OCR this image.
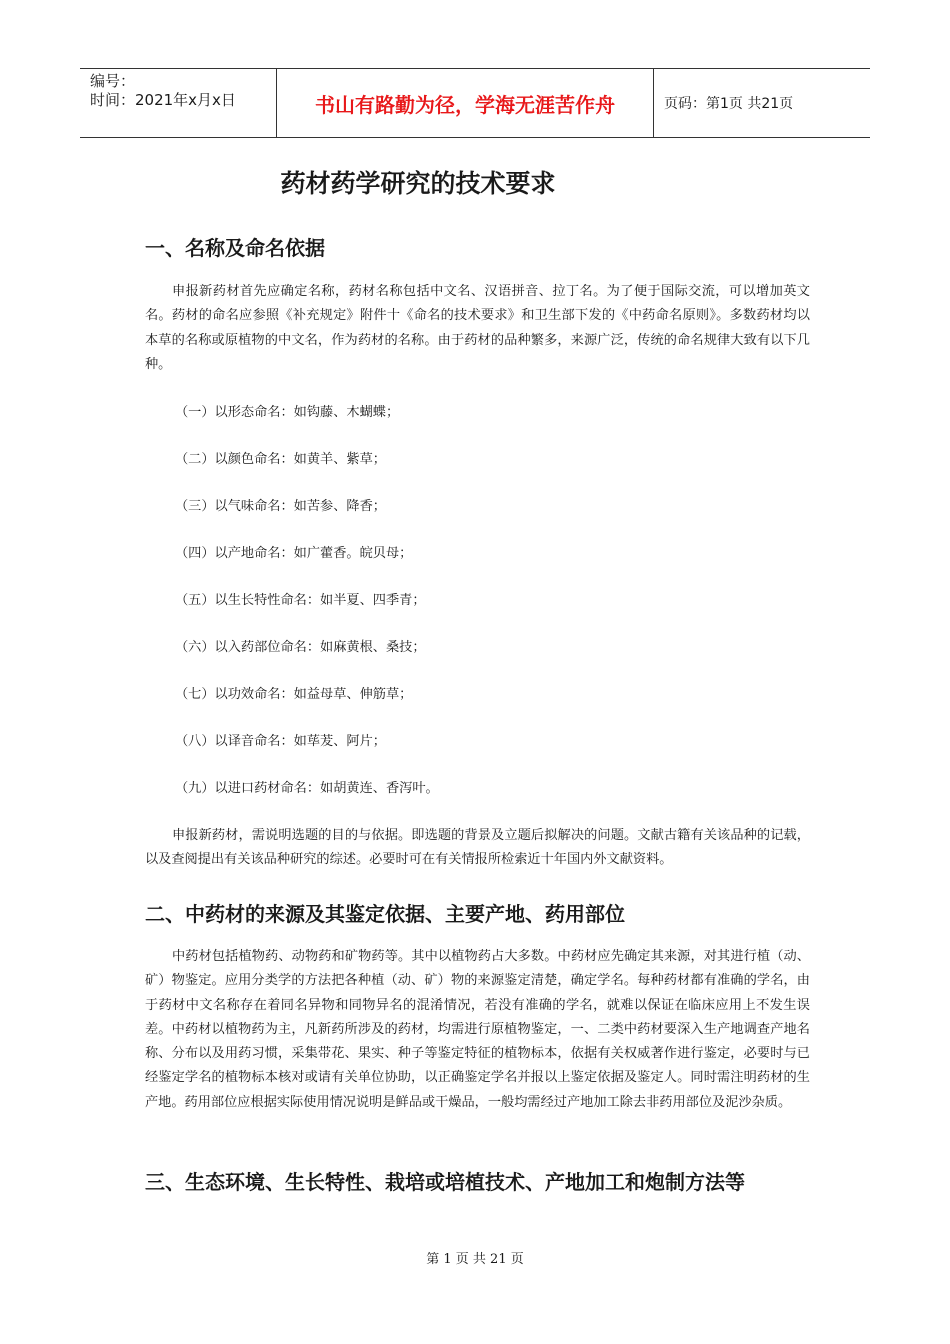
编号：
时间：2021年x月x日	书山有路勤为径，学海无涯苦作舟	页码：第1页 共21页
药材药学研究的技术要求
一、名称及命名依据
申报新药材首先应确定名称，药材名称包括中文名、汉语拼音、拉丁名。为了便于国际交流，可以增加英文名。药材的命名应参照《补充规定》附件十《命名的技术要求》和卫生部下发的《中药命名原则》。多数药材均以本草的名称或原植物的中文名，作为药材的名称。由于药材的品种繁多，来源广泛，传统的命名规律大致有以下几种。
（一）以形态命名：如钩藤、木蝴蝶；
（二）以颜色命名：如黄羊、紫草；
（三）以气味命名：如苦参、降香；
（四）以产地命名：如广藿香。皖贝母；
（五）以生长特性命名：如半夏、四季青；
（六）以入药部位命名：如麻黄根、桑技；
（七）以功效命名：如益母草、伸筋草；
（八）以译音命名：如荜茇、阿片；
（九）以进口药材命名：如胡黄连、香泻叶。
申报新药材，需说明选题的目的与依据。即选题的背景及立题后拟解决的问题。文献古籍有关该品种的记载，以及查阅提出有关该品种研究的综述。必要时可在有关情报所检索近十年国内外文献资料。
二、中药材的来源及其鉴定依据、主要产地、药用部位
中药材包括植物药、动物药和矿物药等。其中以植物药占大多数。中药材应先确定其来源，对其进行植（动、矿）物鉴定。应用分类学的方法把各种植（动、矿）物的来源鉴定清楚，确定学名。每种药材都有准确的学名，由于药材中文名称存在着同名异物和同物异名的混淆情况，若没有准确的学名，就难以保证在临床应用上不发生误差。中药材以植物药为主，凡新药所涉及的药材，均需进行原植物鉴定，一、二类中药材要深入生产地调查产地名称、分布以及用药习惯，采集带花、果实、种子等鉴定特征的植物标本，依据有关权威著作进行鉴定，必要时与已经鉴定学名的植物标本核对或请有关单位协助，以正确鉴定学名并报以上鉴定依据及鉴定人。同时需注明药材的生产地。药用部位应根据实际使用情况说明是鲜品或干燥品，一般均需经过产地加工除去非药用部位及泥沙杂质。
三、生态环境、生长特性、栽培或培植技术、产地加工和炮制方法等
第 1 页 共 21 页
